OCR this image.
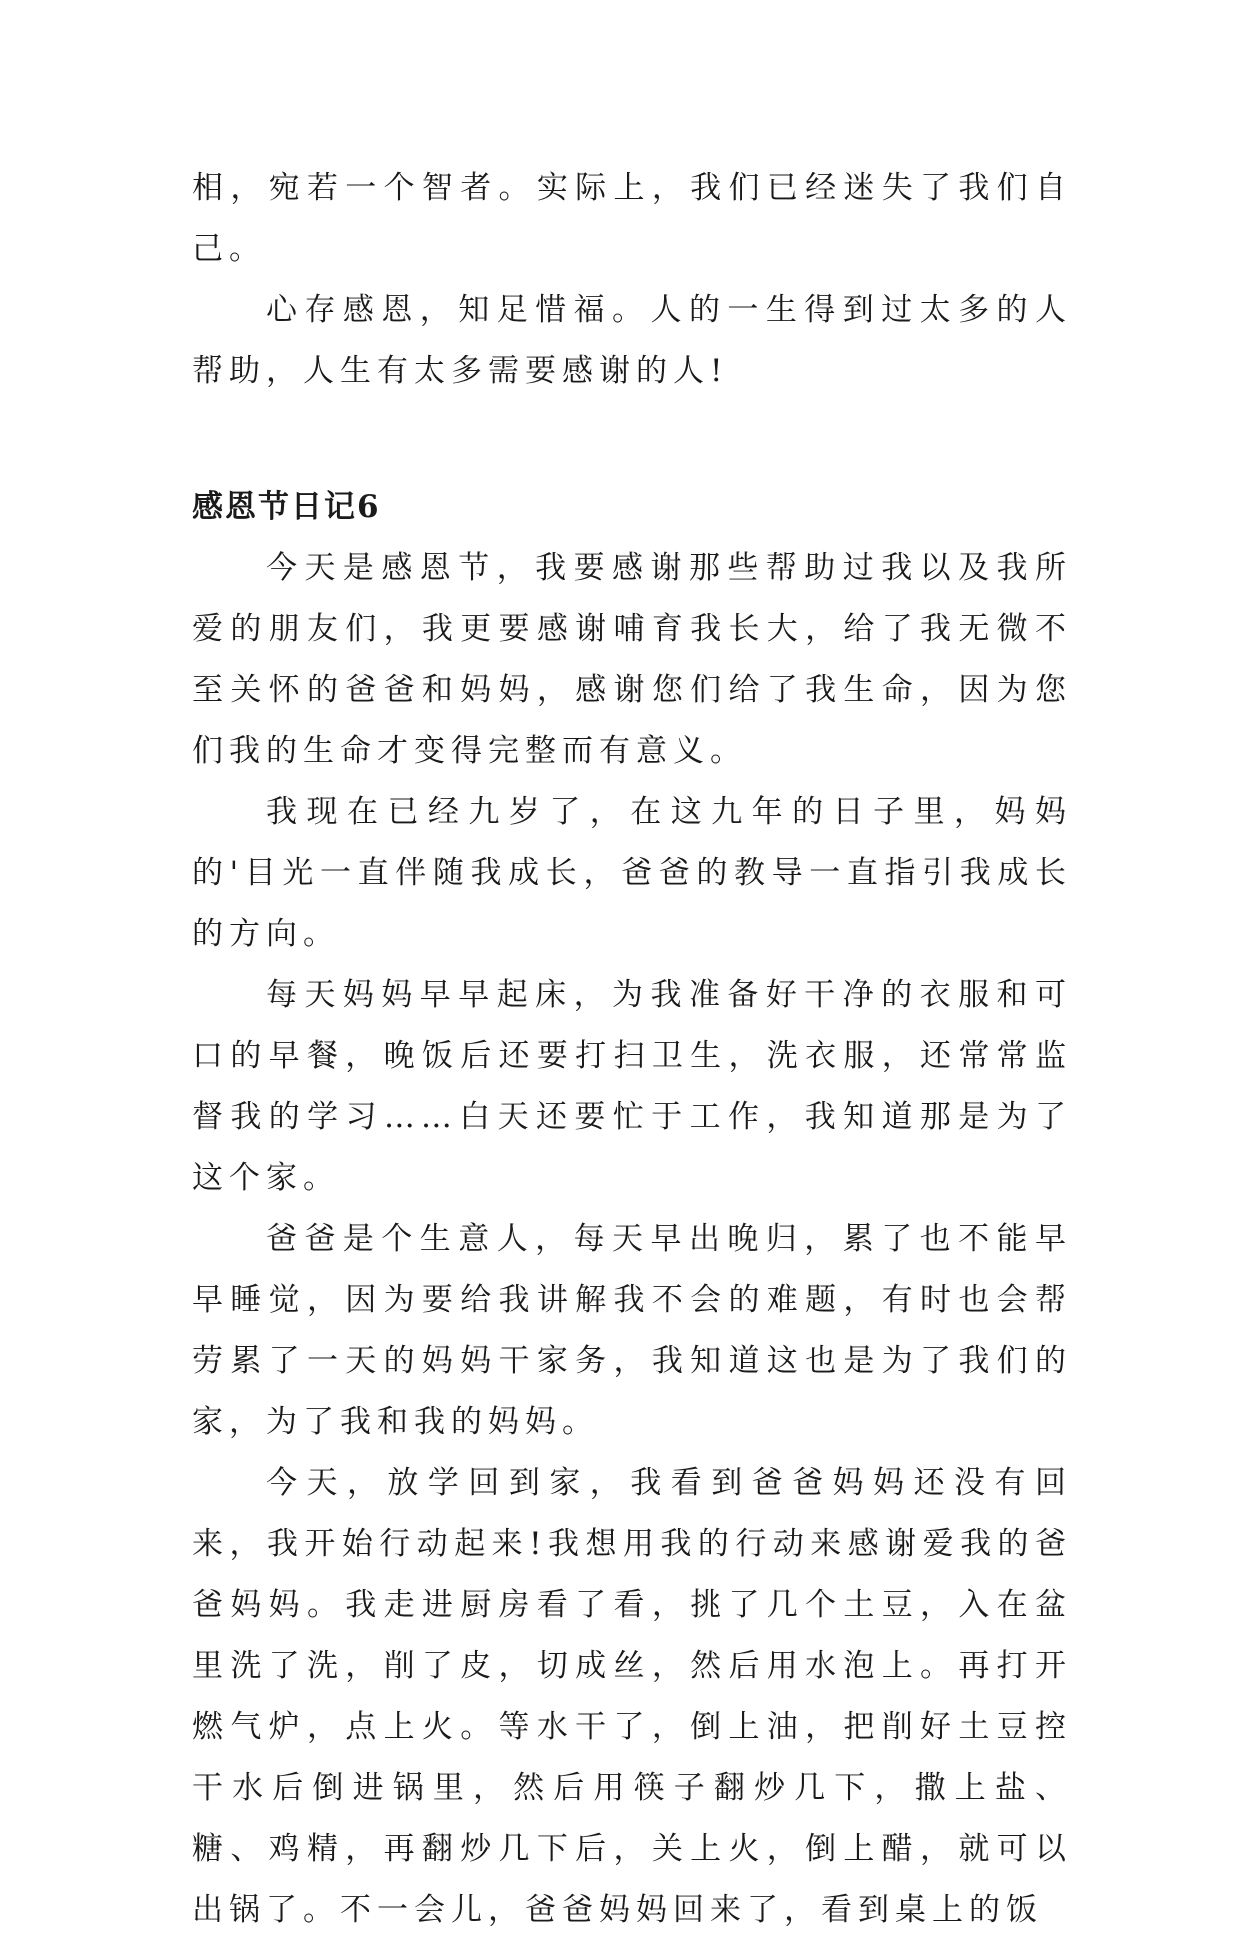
相，宛若一个智者。实际上，我们已经迷失了我们自己。

心存感恩，知足惜福。人的一生得到过太多的人帮助，人生有太多需要感谢的人!

感恩节日记6

今天是感恩节，我要感谢那些帮助过我以及我所爱的朋友们，我更要感谢哺育我长大，给了我无微不至关怀的爸爸和妈妈，感谢您们给了我生命，因为您们我的生命才变得完整而有意义。

我现在已经九岁了，在这九年的日子里，妈妈的'目光一直伴随我成长，爸爸的教导一直指引我成长的方向。

每天妈妈早早起床，为我准备好干净的衣服和可口的早餐，晚饭后还要打扫卫生，洗衣服，还常常监督我的学习……白天还要忙于工作，我知道那是为了这个家。

爸爸是个生意人，每天早出晚归，累了也不能早早睡觉，因为要给我讲解我不会的难题，有时也会帮劳累了一天的妈妈干家务，我知道这也是为了我们的家，为了我和我的妈妈。

今天，放学回到家，我看到爸爸妈妈还没有回来，我开始行动起来!我想用我的行动来感谢爱我的爸爸妈妈。我走进厨房看了看，挑了几个土豆，入在盆里洗了洗，削了皮，切成丝，然后用水泡上。再打开燃气炉，点上火。等水干了，倒上油，把削好土豆控干水后倒进锅里，然后用筷子翻炒几下，撒上盐、糖、鸡精，再翻炒几下后，关上火，倒上醋，就可以出锅了。不一会儿，爸爸妈妈回来了，看到桌上的饭
